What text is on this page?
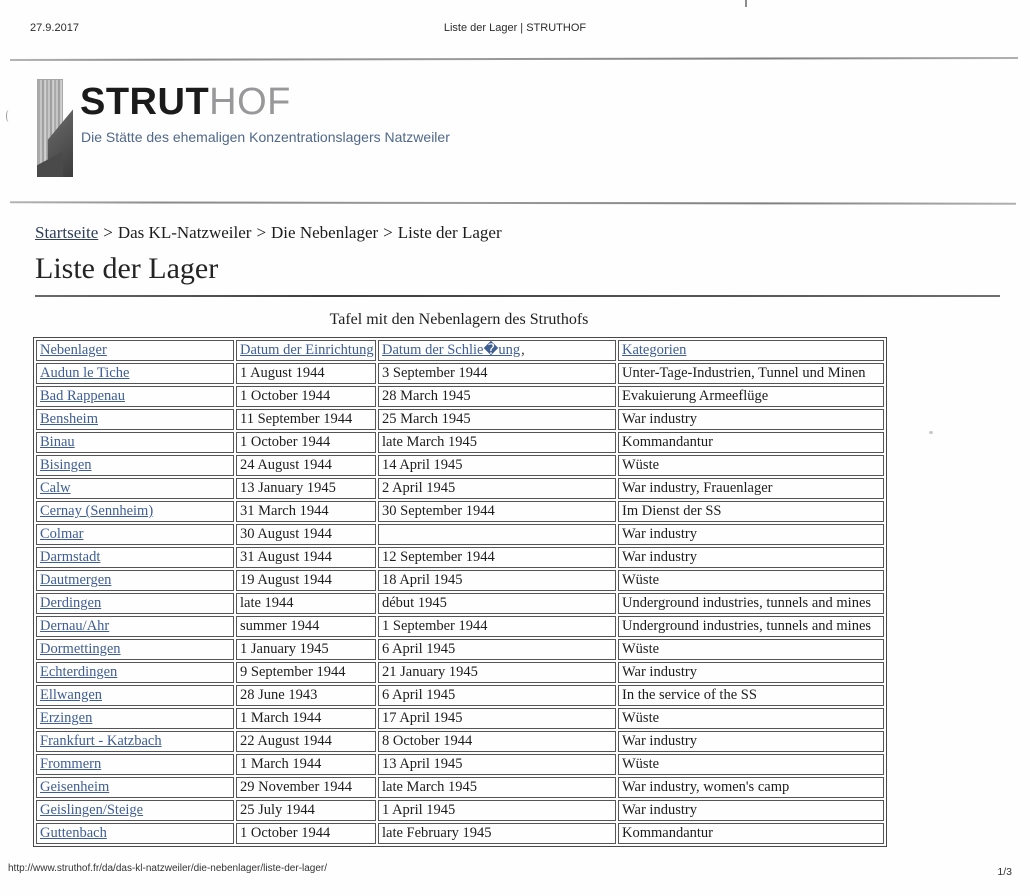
27.9.2017	Liste der Lager | STRUTHOF
STRUTHOF
Die Stätte des ehemaligen Konzentrationslagers Natzweiler
Startseite > Das KL-Natzweiler > Die Nebenlager > Liste der Lager
Liste der Lager
Tafel mit den Nebenlagern des Struthofs
Nebenlager	Datum der Einrichtung	Datum der Schlie�ung,	Kategorien
Audun le Tiche	1 August 1944	3 September 1944	Unter-Tage-Industrien, Tunnel und Minen
Bad Rappenau	1 October 1944	28 March 1945	Evakuierung Armeeflüge
Bensheim	11 September 1944	25 March 1945	War industry
Binau	1 October 1944	late March 1945	Kommandantur
Bisingen	24 August 1944	14 April 1945	Wüste
Calw	13 January 1945	2 April 1945	War industry, Frauenlager
Cernay (Sennheim)	31 March 1944	30 September 1944	Im Dienst der SS
Colmar	30 August 1944		War industry
Darmstadt	31 August 1944	12 September 1944	War industry
Dautmergen	19 August 1944	18 April 1945	Wüste
Derdingen	late 1944	début 1945	Underground industries, tunnels and mines
Dernau/Ahr	summer 1944	1 September 1944	Underground industries, tunnels and mines
Dormettingen	1 January 1945	6 April 1945	Wüste
Echterdingen	9 September 1944	21 January 1945	War industry
Ellwangen	28 June 1943	6 April 1945	In the service of the SS
Erzingen	1 March 1944	17 April 1945	Wüste
Frankfurt - Katzbach	22 August 1944	8 October 1944	War industry
Frommern	1 March 1944	13 April 1945	Wüste
Geisenheim	29 November 1944	late March 1945	War industry, women's camp
Geislingen/Steige	25 July 1944	1 April 1945	War industry
Guttenbach	1 October 1944	late February 1945	Kommandantur
http://www.struthof.fr/da/das-kl-natzweiler/die-nebenlager/liste-der-lager/	1/3
